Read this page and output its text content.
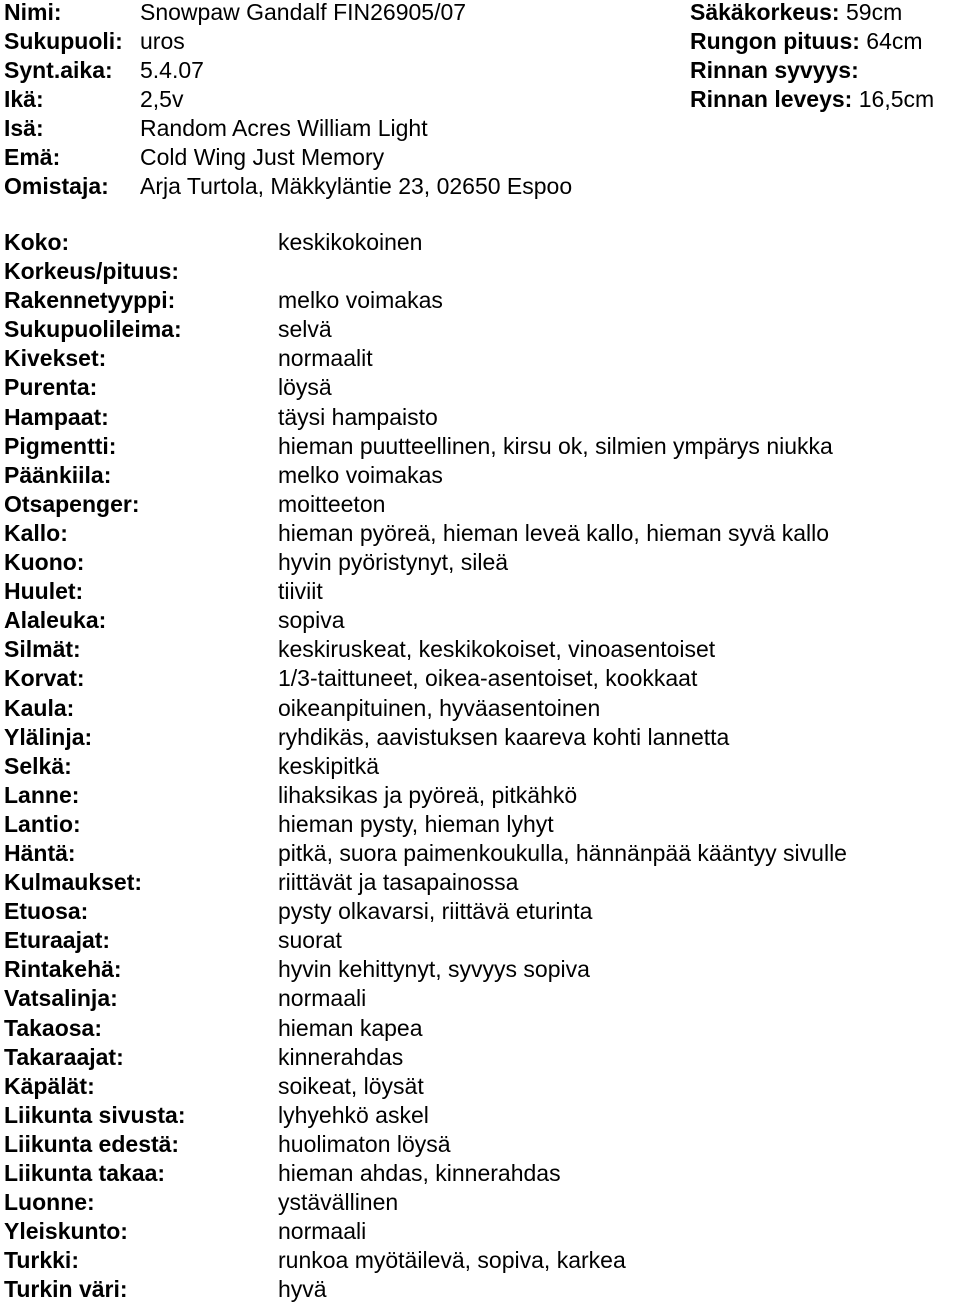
Nimi:	Snowpaw Gandalf FIN26905/07	Säkäkorkeus: 59cm
Sukupuoli: uros	Rungon pituus: 64cm
Synt.aika: 5.4.07	Rinnan syvyys:
Ikä:	2,5v	Rinnan leveys: 16,5cm
Isä:	Random Acres William Light
Emä:	Cold Wing Just Memory
Omistaja: Arja Turtola, Mäkkyläntie 23, 02650 Espoo
Koko:	keskikokoinen
Korkeus/pituus:
Rakennetyyppi:	melko voimakas
Sukupuolileima:	selvä
Kivekset:	normaalit
Purenta:	löysä
Hampaat:	täysi hampaisto
Pigmentti:	hieman puutteellinen, kirsu ok, silmien ympärys niukka
Päänkiila:	melko voimakas
Otsapenger:	moitteeton
Kallo:	hieman pyöreä, hieman leveä kallo, hieman syvä kallo
Kuono:	hyvin pyöristynyt, sileä
Huulet:	tiiviit
Alaleuka:	sopiva
Silmät:	keskiruskeat, keskikokoiset, vinoasentoiset
Korvat:	1/3-taittuneet, oikea-asentoiset, kookkaat
Kaula:	oikeanpituinen, hyväasentoinen
Ylälinja:	ryhdikäs, aavistuksen kaareva kohti lannetta
Selkä:	keskipitkä
Lanne:	lihaksikas ja pyöreä, pitkähkö
Lantio:	hieman pysty, hieman lyhyt
Häntä:	pitkä, suora paimenkoukulla, hännänpää kääntyy sivulle
Kulmaukset:	riittävät ja tasapainossa
Etuosa:	pysty olkavarsi, riittävä eturinta
Eturaajat:	suorat
Rintakehä:	hyvin kehittynyt, syvyys sopiva
Vatsalinja:	normaali
Takaosa:	hieman kapea
Takaraajat:	kinnerahdas
Käpälät:	soikeat, löysät
Liikunta sivusta:	lyhyehkö askel
Liikunta edestä:	huolimaton löysä
Liikunta takaa:	hieman ahdas, kinnerahdas
Luonne:	ystävällinen
Yleiskunto:	normaali
Turkki:	runkoa myötäilevä, sopiva, karkea
Turkin väri:	hyvä
